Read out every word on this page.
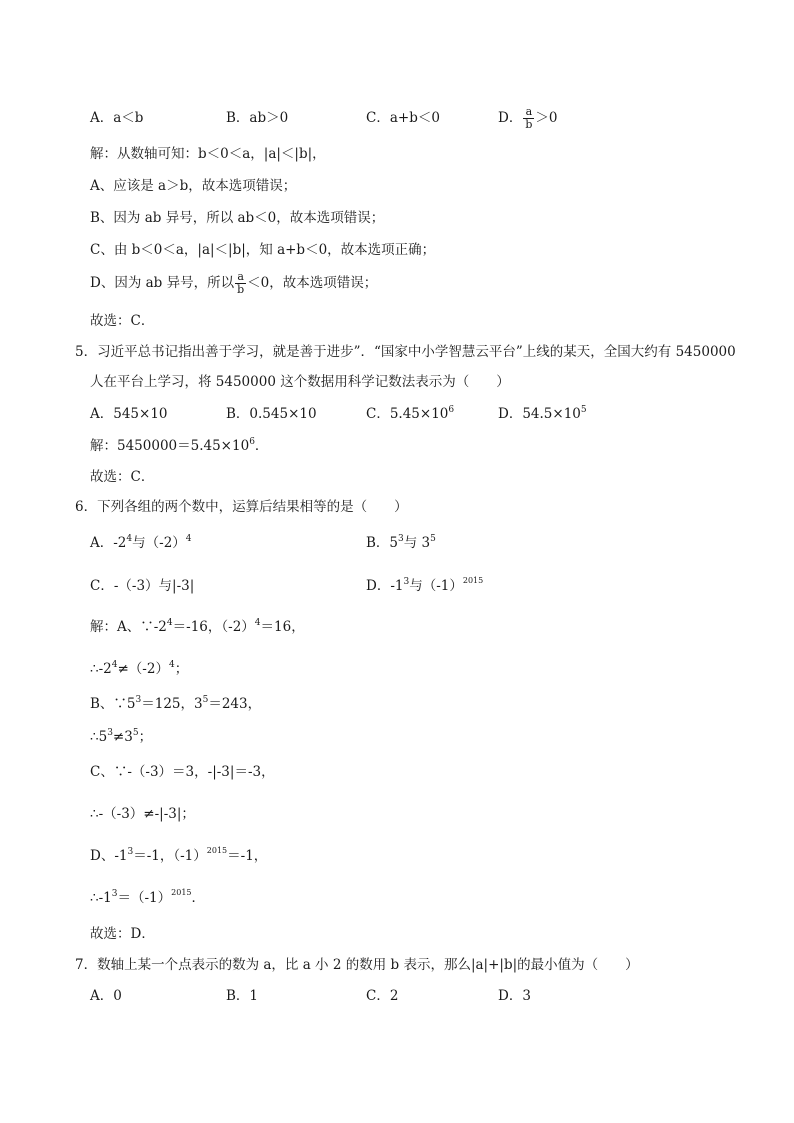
A．a＜b	B．ab＞0	C．a+b＜0	D． $\frac{a}{b} >0$
解：从数轴可知：b＜0＜a，|a|＜|b|，
A、应该是 a＞b，故本选项错误；
B、因为 ab 异号，所以 ab＜0，故本选项错误；
C、由 b＜0＜a，|a|＜|b|，知 a+b＜0，故本选项正确；
D、因为 ab 异号，所以 $\frac{a}{b} <0$，故本选项错误；
故选：C．
5．习近平总书记指出善于学习，就是善于进步”．“国家中小学智慧云平台”上线的某天，全国大约有 5450000
人在平台上学习，将 5450000 这个数据用科学记数法表示为（　　）
A．545×10	B．0.545×10	C．$5.45\times 10^6$	D．$54.5\times 10^5$
解：$5450000=5.45\times 10^6$．
故选：C．
6．下列各组的两个数中，运算后结果相等的是（　　）
A．$-2^4$与$(-2)^4$	B．$5^3$与 $3^5$
C．-（-3）与|-3|	D．$-1^3$与$(-1)^{2015}$
解：A、$\because-2^4=-16$，$(-2)^4=16$，
$\therefore-2^4\ne(-2)^4$；
B、$\because 5^3=125$，$3^5=243$，
$\therefore 5^3\ne 3^5$；
C、∵-（-3）＝3，-|-3|＝-3，
∴-（-3）≠-|-3|；
D、$-1^3=-1$，$(-1)^{2015}=-1$，
$\therefore-1^3=(-1)^{2015}$．
故选：D．
7．数轴上某一个点表示的数为 a，比 a 小 2 的数用 b 表示，那么|a|+|b|的最小值为（　　）
A．0	B．1	C．2	D．3
